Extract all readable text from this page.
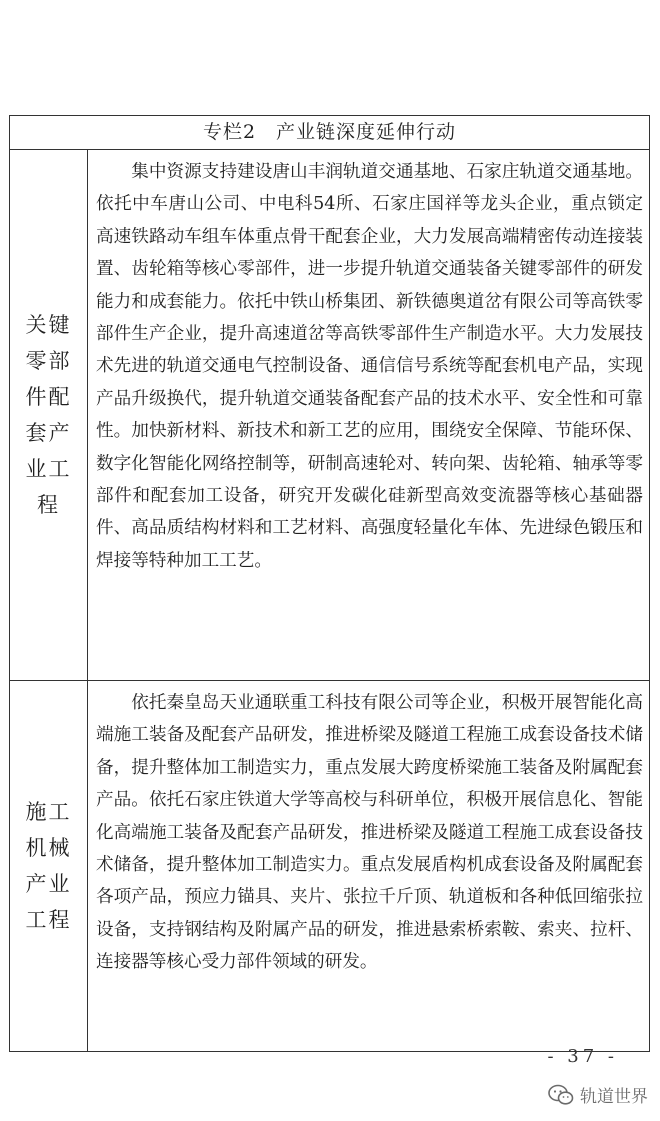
专栏2　产业链深度延伸行动
关键零部件配套产业工程
集中资源支持建设唐山丰润轨道交通基地、石家庄轨道交通基地。依托中车唐山公司、中电科54所、石家庄国祥等龙头企业，重点锁定高速铁路动车组车体重点骨干配套企业，大力发展高端精密传动连接装置、齿轮箱等核心零部件，进一步提升轨道交通装备关键零部件的研发能力和成套能力。依托中铁山桥集团、新铁德奥道岔有限公司等高铁零部件生产企业，提升高速道岔等高铁零部件生产制造水平。大力发展技术先进的轨道交通电气控制设备、通信信号系统等配套机电产品，实现产品升级换代，提升轨道交通装备配套产品的技术水平、安全性和可靠性。加快新材料、新技术和新工艺的应用，围绕安全保障、节能环保、数字化智能化网络控制等，研制高速轮对、转向架、齿轮箱、轴承等零部件和配套加工设备，研究开发碳化硅新型高效变流器等核心基础器件、高品质结构材料和工艺材料、高强度轻量化车体、先进绿色锻压和焊接等特种加工工艺。
施工机械产业工程
依托秦皇岛天业通联重工科技有限公司等企业，积极开展智能化高端施工装备及配套产品研发，推进桥梁及隧道工程施工成套设备技术储备，提升整体加工制造实力，重点发展大跨度桥梁施工装备及附属配套产品。依托石家庄铁道大学等高校与科研单位，积极开展信息化、智能化高端施工装备及配套产品研发，推进桥梁及隧道工程施工成套设备技术储备，提升整体加工制造实力。重点发展盾构机成套设备及附属配套各项产品，预应力锚具、夹片、张拉千斤顶、轨道板和各种低回缩张拉设备，支持钢结构及附属产品的研发，推进悬索桥索鞍、索夹、拉杆、连接器等核心受力部件领域的研发。
- 37 -
轨道世界
